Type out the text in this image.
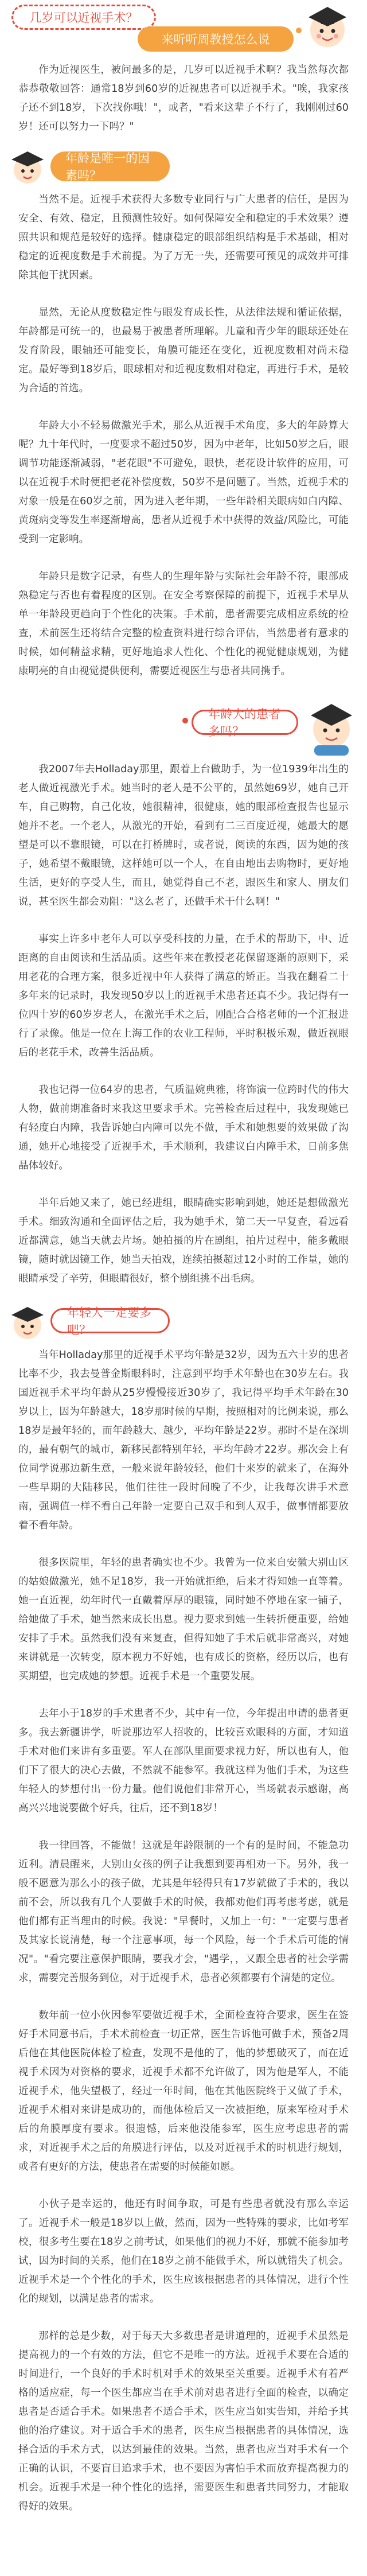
几岁可以近视手术？
来听听周教授怎么说

作为近视医生，被问最多的是，几岁可以近视手术啊？我当然每次都恭恭敬敬回答：通常18岁到60岁的近视患者可以近视手术。"唉，我家孩子还不到18岁，下次找你哦！"，或者，"看来这辈子不行了，我刚刚过60岁！还可以努力一下吗？"

年龄是唯一的因素吗？

当然不是。近视手术获得大多数专业同行与广大患者的信任，是因为安全、有效、稳定，且预测性较好。如何保障安全和稳定的手术效果？遵照共识和规范是较好的选择。健康稳定的眼部组织结构是手术基础，相对稳定的近视度数是手术前提。为了万无一失，还需要可预见的成效并可排除其他干扰因素。

显然，无论从度数稳定性与眼发育成长性，从法律法规和循证依据，年龄都是可统一的，也最易于被患者所理解。儿童和青少年的眼球还处在发育阶段，眼轴还可能变长，角膜可能还在变化，近视度数相对尚未稳定。最好等到18岁后，眼球相对和近视度数相对稳定，再进行手术，是较为合适的首选。

年龄大小不轻易做激光手术，那么从近视手术角度，多大的年龄算大呢？九十年代时，一度要求不超过50岁，因为中老年，比如50岁之后，眼调节功能逐渐减弱，"老花眼"不可避免，眼快，老花设计软件的应用，可以在近视手术时便把老花补偿度数，50岁不是问题了。当然，近视手术的对象一般是在60岁之前，因为进入老年期，一些年龄相关眼病如白内障、黄斑病变等发生率逐渐增高，患者从近视手术中获得的效益/风险比，可能受到一定影响。

年龄只是数字记录，有些人的生理年龄与实际社会年龄不符，眼部成熟稳定与否也有着程度的区别。在安全考察保障的前提下，近视手术早从单一年龄段更趋向于个性化的决策。手术前，患者需要完成相应系统的检查，术前医生还将结合完整的检查资料进行综合评估，当然患者有意求的时候，如何精益求精，更好地追求人性化、个性化的视觉健康规划，为健康明亮的自由视觉提供便利，需要近视医生与患者共同携手。

年龄大的患者多吗？

我2007年去Holladay那里，跟着上台做助手，为一位1939年出生的老人做近视激光手术。她当时的老人是不公平的，虽然她69岁，她自己开车，自己购物，自己化妆，她很精神，很健康，她的眼部检查报告也显示她并不老。一个老人，从激光的开始，看到有二三百度近视，她最大的愿望是可以不靠眼镜，可以在打桥牌时，或者说，阅读的东西，因为她的孩子，她希望不戴眼镜，这样她可以一个人，在自由地出去购物时，更好地生活，更好的享受人生，而且，她觉得自己不老，跟医生和家人、朋友们说，甚至医生都会劝阻："这么老了，还做手术干什么啊！"

事实上许多中老年人可以享受科技的力量，在手术的帮助下，中、近距离的自由阅读和生活品质。这些年来在教授老花保留逐渐的原则下，采用老花的合理方案，很多近视中年人获得了满意的矫正。当我在翻看二十多年来的记录时，我发现50岁以上的近视手术患者还真不少。我记得有一位四十岁的60岁岁老人，在激光手术之后，刚配合合格老师的一个汇报进行了录像。他是一位在上海工作的农业工程师，平时积极乐观，做近视眼后的老花手术，改善生活品质。

我也记得一位64岁的患者，气质温婉典雅，将饰演一位跨时代的伟大人物，做前期准备时来我这里要求手术。完善检查后过程中，我发现她已有轻度白内障，我告诉她白内障可以先不做，手术和她想要的效果做了沟通，她开心地接受了近视手术，手术顺利，我建议白内障手术，日前多焦晶体较好。

半年后她又来了，她已经进组，眼睛确实影响到她，她还是想做激光手术。细致沟通和全面评估之后，我为她手术，第二天一早复查，看远看近都满意，她当天就去片场。她拍摄的片在剧组，拍片过程中，能多戴眼镜，随时就因镜工作，她当天拍戏，连续拍摄超过12小时的工作量，她的眼睛承受了辛劳，但眼睛很好，整个剧组挑不出毛病。

年轻人一定要多吧？

当年Holladay那里的近视手术平均年龄是32岁，因为五六十岁的患者比率不少，我去曼普金斯眼科时，注意到平均手术年龄也在30岁左右。我国近视手术平均年龄从25岁慢慢接近30岁了，我记得平均手术年龄在30岁以上，因为年龄越大，18岁那时候的早期，按照相对的比例来说，那么18岁是最年轻的，而年龄越大、越少，平均年龄是22岁。那时不是在深圳的，最有朝气的城市，新移民都特别年轻，平均年龄才22岁。那次会上有位同学说那边新生意，一般来说年龄较轻，他们十来岁的就来了，在海外一些早期的大陆移民，他们往往一段时间晚了不少，让我每次讲手术意南，强调值一样不看自己年龄一定要自己双手和到人双手，做事情都要放着不看年龄。

很多医院里，年轻的患者确实也不少。我曾为一位来自安徽大别山区的姑娘做激光，她不足18岁，我一开始就拒绝，后来才得知她一直等着。她一直近视，幼年时代一直戴着厚厚的眼镜，同时她不停地在家一铺子，给她做了手术，她当然来成长出息。视力要求到她一生转折便重要，给她安排了手术。虽然我们没有来复查，但得知她了手术后就非常高兴，对她来讲就是一次转变，原本视力不好她，也有成长的资格，经历以后，也有买期望，也完成她的梦想。近视手术是一个重要发展。

去年小于18岁的手术患者不少，其中有一位，今年提出申请的患者更多。我去新疆讲学，听说那边军人招收的，比较喜欢眼科的方面，才知道手术对他们来讲有多重要。军人在部队里面要求视力好，所以也有人，他们下了很大的决心去做，不然就不能参军。我就这样为他们手术，为这些年轻人的梦想付出一份力量。他们说他们非常开心，当场就表示感谢，高高兴兴地说要做个好兵，往后，还不到18岁！

我一律回答，不能做！这就是年龄限制的一个有的是时间，不能急功近利。清晨醒来，大别山女孩的例子让我想到要再相劝一下。另外，我一般不愿意为那么小的孩子做，尤其是年轻得只有17岁就做了手术的，我以前不会，所以我有几个人要做手术的时候，我都劝他们再考虑考虑，就是他们都有正当理由的时候。我说："早餐时，又加上一句："一定要与患者及其家长说清楚，每一个注意事项，每一个风险，每一个手术后可能的情况"。"看完要注意保护眼睛，要我才会，"遇学，，又跟全患者的社会学需求，需要完善服务到位，对于近视手术，患者必须都要有个清楚的定位。

数年前一位小伙因参军要做近视手术，全面检查符合要求，医生在签好手术同意书后，手术术前检查一切正常，医生告诉他可做手术，预备2周后他在其他医院体检了检查，发现不是他的了，他的梦想破灭了，而在近视手术因为对资格的要求，近视手术都不允许做了，因为他是军人，不能近视手术，他失望极了，经过一年时间，他在其他医院终于又做了手术，近视手术相对来讲是成功的，而他体检后又一次被拒绝，原来军检对手术后的角膜厚度有要求。很遗憾，后来他没能参军，医生应考虑患者的需求，对近视手术之后的角膜进行评估，以及对近视手术的时机进行规划，或者有更好的方法，使患者在需要的时候能如愿。

小伙子是幸运的，他还有时间争取，可是有些患者就没有那么幸运了。近视手术一般是18岁以上做，然而，因为一些特殊的要求，比如考军校，很多考生要在18岁之前考试，如果他们的视力不好，那就不能参加考试，因为时间的关系，他们在18岁之前不能做手术，所以就错失了机会。近视手术是一个个性化的手术，医生应该根据患者的具体情况，进行个性化的规划，以满足患者的需求。

那样的总是少数，对于每天大多数患者是讲道理的，近视手术虽然是提高视力的一个有效的方法，但它不是唯一的方法。近视手术要在合适的时间进行，一个良好的手术时机对手术的效果至关重要。近视手术有着严格的适应症，每一个医生都应当在手术前对患者进行全面的检查，以确定患者是否适合手术。如果患者不适合手术，医生应当如实告知，并给予其他的治疗建议。对于适合手术的患者，医生应当根据患者的具体情况，选择合适的手术方式，以达到最佳的效果。当然，患者也应当对手术有一个正确的认识，不要盲目追求手术，也不要因为害怕手术而放弃提高视力的机会。近视手术是一种个性化的选择，需要医生和患者共同努力，才能取得好的效果。
